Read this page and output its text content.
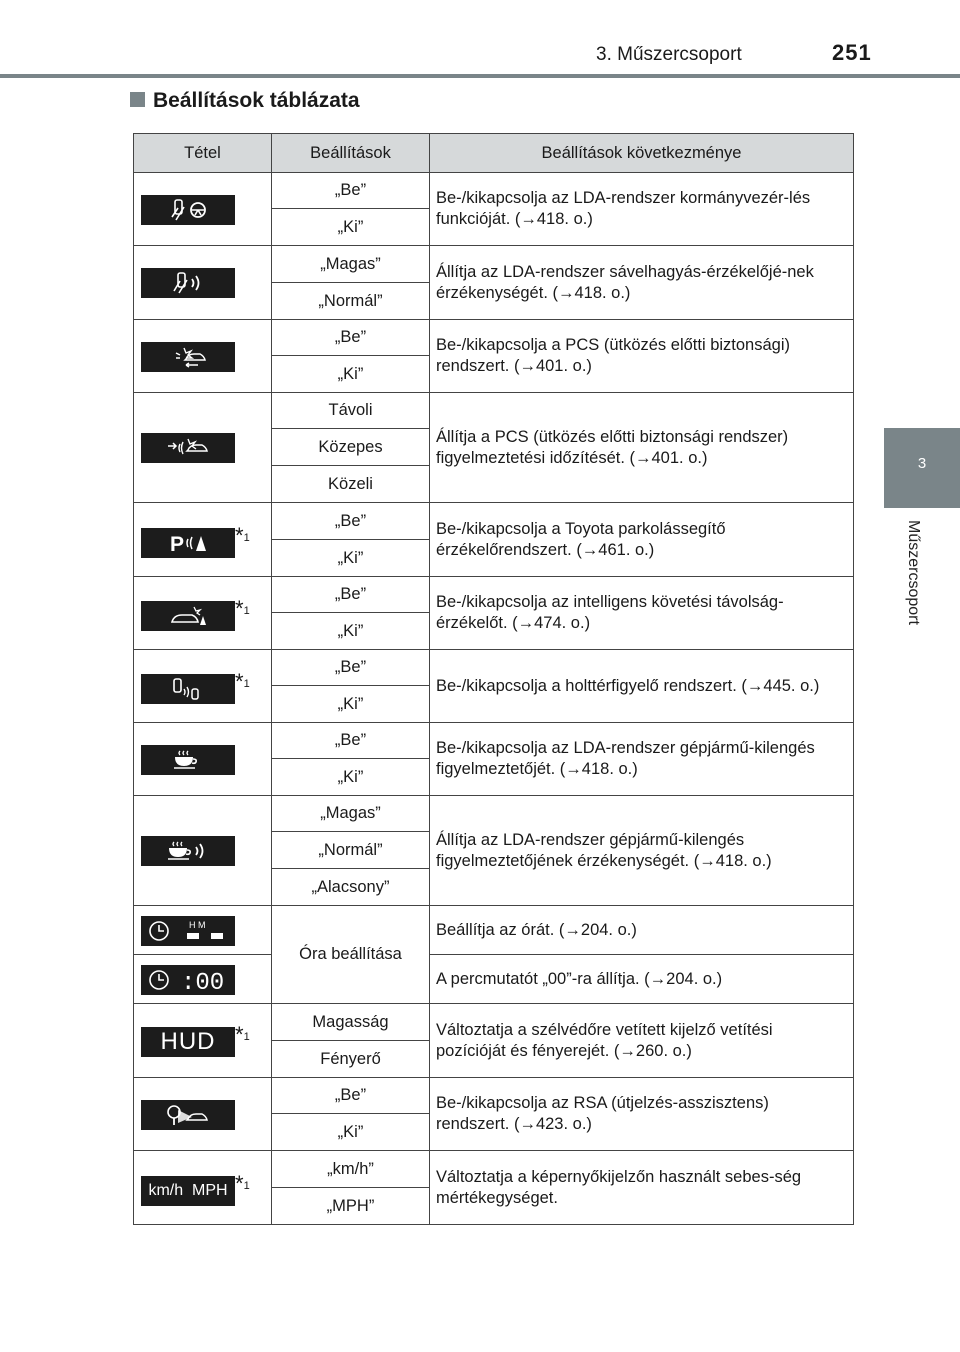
3. Műszercsoport	251
3
Műszercsoport
Beállítások táblázata
Tétel	Beállítások	Beállítások következménye

	„Be”	Be-/kikapcsolja az LDA-rendszer kormányvezér-lés funkcióját. (→418. o.)
	„Ki”	

	„Magas”	Állítja az LDA-rendszer sávelhagyás-érzékelőjé-nek érzékenységét. (→418. o.)
	„Normál”	

	„Be”	Be-/kikapcsolja a PCS (ütközés előtti biztonsági) rendszert. (→401. o.)
	„Ki”	

	Távoli	Állítja a PCS (ütközés előtti biztonsági rendszer) figyelmeztetési időzítését. (→401. o.)
	Közepes	
	Közeli	

P $*_1$	„Be”	Be-/kikapcsolja a Toyota parkolássegítő érzékelőrendszert. (→461. o.)
	„Ki”	

$*_1$	„Be”	Be-/kikapcsolja az intelligens követési távolság-érzékelőt. (→474. o.)
	„Ki”	

$*_1$	„Be”	Be-/kikapcsolja a holttérfigyelő rendszert. (→445. o.)
	„Ki”	

	„Be”	Be-/kikapcsolja az LDA-rendszer gépjármű-kilengés figyelmeztetőjét. (→418. o.)
	„Ki”	

	„Magas”	Állítja az LDA-rendszer gépjármű-kilengés figyelmeztetőjének érzékenységét. (→418. o.)
	„Normál”	
	„Alacsony”	

H M	Óra beállítása	Beállítja az órát. (→204. o.)

:00		A percmutatót „00”-ra állítja. (→204. o.)

HUD $*_1$	Magasság	Változtatja a szélvédőre vetített kijelző vetítési pozícióját és fényerejét. (→260. o.)
	Fényerő	

	„Be”	Be-/kikapcsolja az RSA (útjelzés-asszisztens) rendszert. (→423. o.)
	„Ki”	

km/h  MPH $*_1$	„km/h”	Változtatja a képernyőkijelzőn használt sebes-ség mértékegységet.
	„MPH”	
